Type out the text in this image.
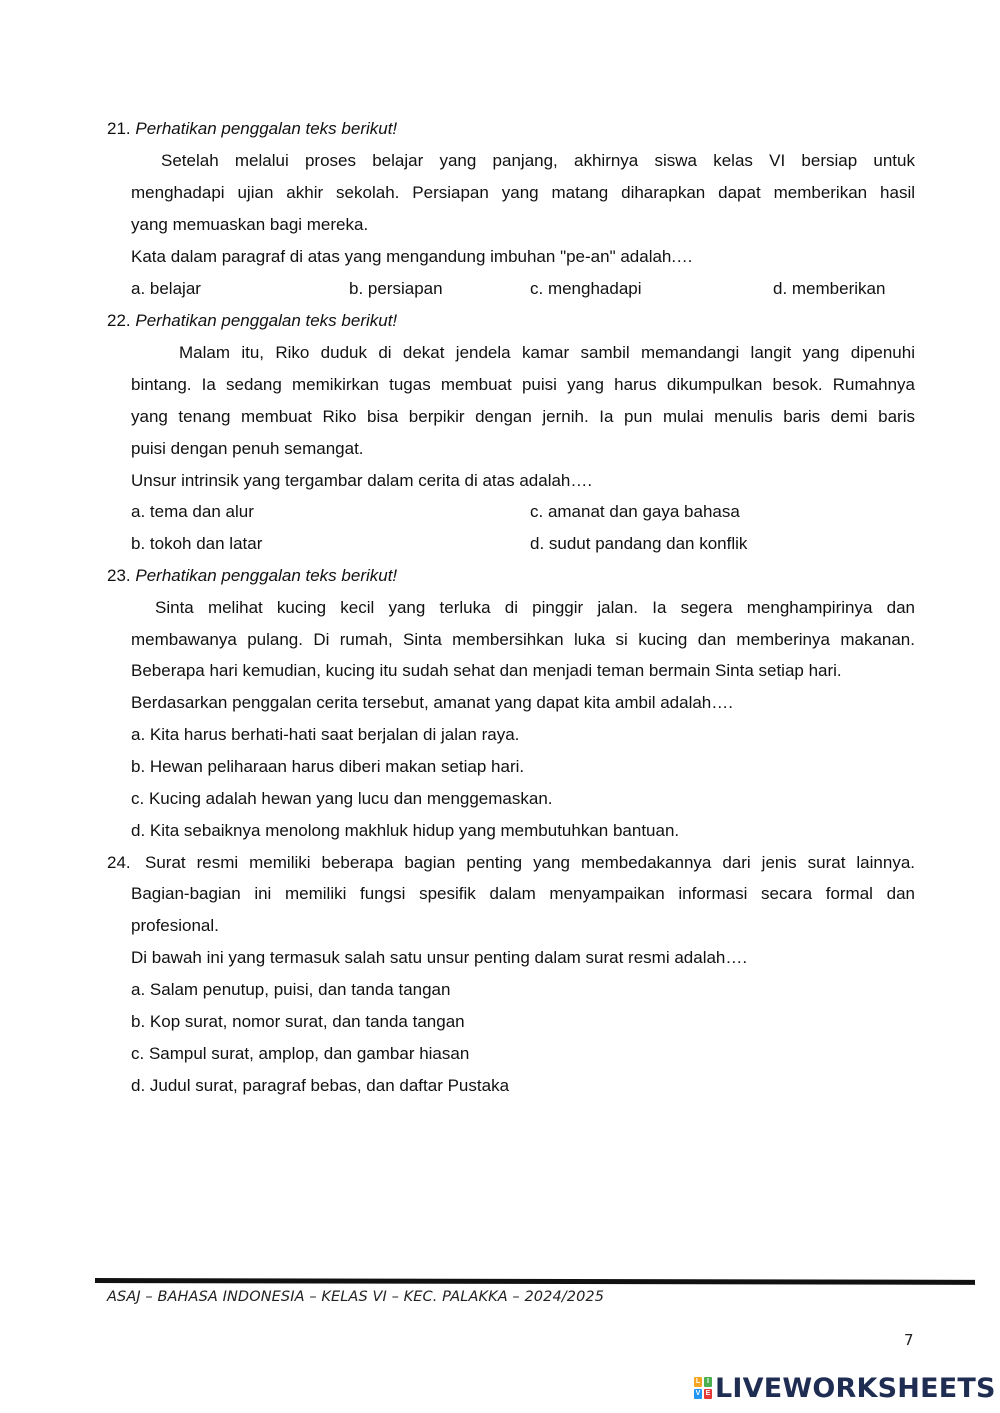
21. Perhatikan penggalan teks berikut!
Setelah melalui proses belajar yang panjang, akhirnya siswa kelas VI bersiap untuk
menghadapi ujian akhir sekolah. Persiapan yang matang diharapkan dapat memberikan hasil
yang memuaskan bagi mereka.
Kata dalam paragraf di atas yang mengandung imbuhan "pe-an" adalah.…
a. belajar	b. persiapan	c. menghadapi	d. memberikan
22. Perhatikan penggalan teks berikut!
Malam itu, Riko duduk di dekat jendela kamar sambil memandangi langit yang dipenuhi
bintang. Ia sedang memikirkan tugas membuat puisi yang harus dikumpulkan besok. Rumahnya
yang tenang membuat Riko bisa berpikir dengan jernih. Ia pun mulai menulis baris demi baris
puisi dengan penuh semangat.
Unsur intrinsik yang tergambar dalam cerita di atas adalah….
a. tema dan alur	c. amanat dan gaya bahasa
b. tokoh dan latar	d. sudut pandang dan konflik
23. Perhatikan penggalan teks berikut!
Sinta melihat kucing kecil yang terluka di pinggir jalan. Ia segera menghampirinya dan
membawanya pulang. Di rumah, Sinta membersihkan luka si kucing dan memberinya makanan.
Beberapa hari kemudian, kucing itu sudah sehat dan menjadi teman bermain Sinta setiap hari.
Berdasarkan penggalan cerita tersebut, amanat yang dapat kita ambil adalah….
a. Kita harus berhati-hati saat berjalan di jalan raya.
b. Hewan peliharaan harus diberi makan setiap hari.
c. Kucing adalah hewan yang lucu dan menggemaskan.
d. Kita sebaiknya menolong makhluk hidup yang membutuhkan bantuan.
24. Surat resmi memiliki beberapa bagian penting yang membedakannya dari jenis surat lainnya.
Bagian-bagian ini memiliki fungsi spesifik dalam menyampaikan informasi secara formal dan
profesional.
Di bawah ini yang termasuk salah satu unsur penting dalam surat resmi adalah….
a. Salam penutup, puisi, dan tanda tangan
b. Kop surat, nomor surat, dan tanda tangan
c. Sampul surat, amplop, dan gambar hiasan
d. Judul surat, paragraf bebas, dan daftar Pustaka
ASAJ – BAHASA INDONESIA – KELAS VI – KEC. PALAKKA – 2024/2025
7
L I
V E LIVEWORKSHEETS
